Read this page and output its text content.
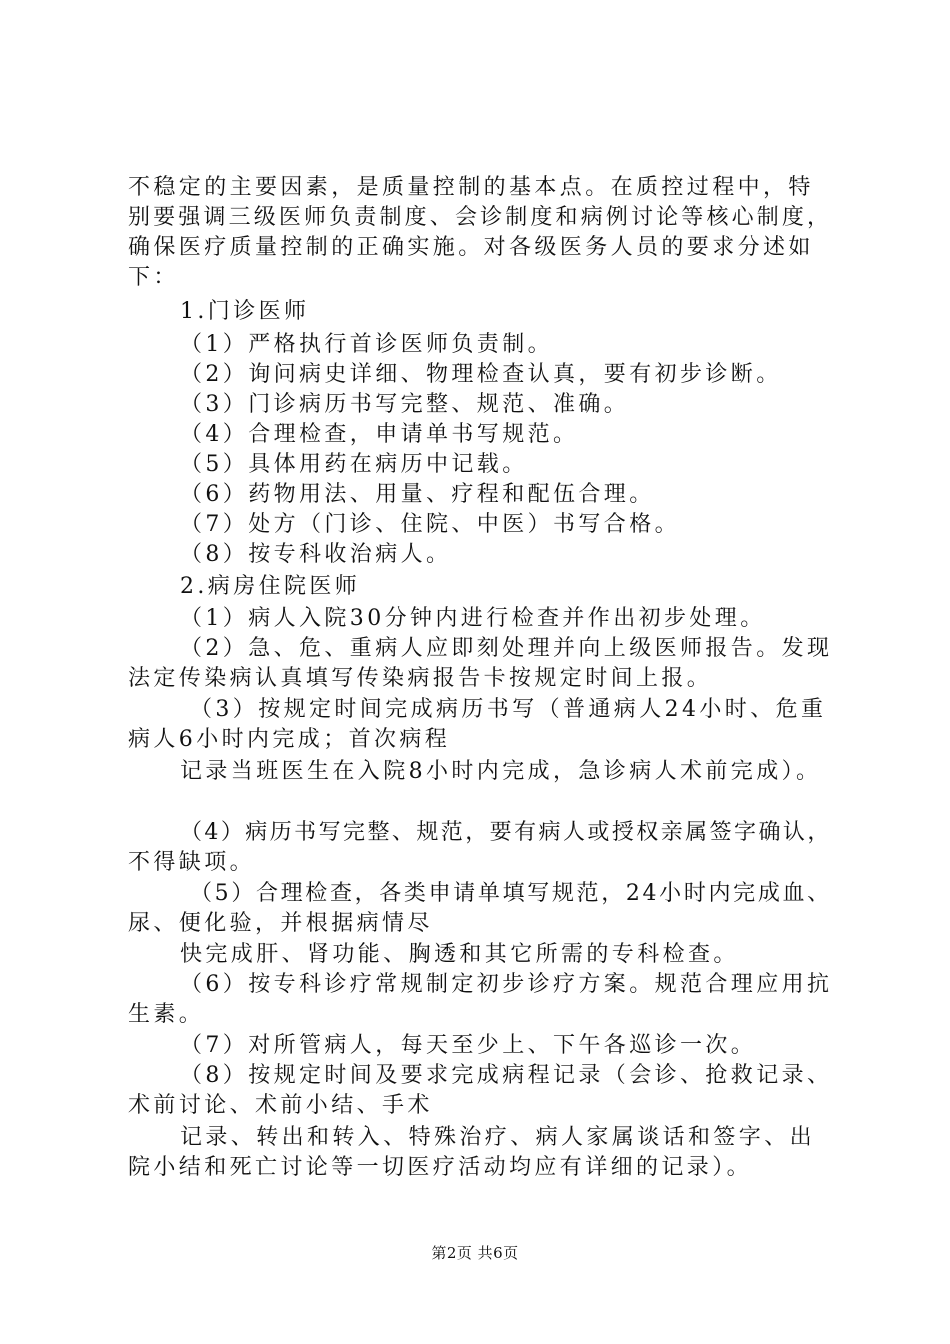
不稳定的主要因素，是质量控制的基本点。在质控过程中，特
别要强调三级医师负责制度、会诊制度和病例讨论等核心制度，
确保医疗质量控制的正确实施。对各级医务人员的要求分述如
下：
1.门诊医师
（1）严格执行首诊医师负责制。
（2）询问病史详细、物理检查认真，要有初步诊断。
（3）门诊病历书写完整、规范、准确。
（4）合理检查，申请单书写规范。
（5）具体用药在病历中记载。
（6）药物用法、用量、疗程和配伍合理。
（7）处方（门诊、住院、中医）书写合格。
（8）按专科收治病人。
2.病房住院医师
（1）病人入院30分钟内进行检查并作出初步处理。
（2）急、危、重病人应即刻处理并向上级医师报告。发现
法定传染病认真填写传染病报告卡按规定时间上报。
（3）按规定时间完成病历书写（普通病人24小时、危重
病人6小时内完成；首次病程
记录当班医生在入院8小时内完成，急诊病人术前完成）。
（4）病历书写完整、规范，要有病人或授权亲属签字确认，
不得缺项。
（5）合理检查，各类申请单填写规范，24小时内完成血、
尿、便化验，并根据病情尽
快完成肝、肾功能、胸透和其它所需的专科检查。
（6）按专科诊疗常规制定初步诊疗方案。规范合理应用抗
生素。
（7）对所管病人，每天至少上、下午各巡诊一次。
（8）按规定时间及要求完成病程记录（会诊、抢救记录、
术前讨论、术前小结、手术
记录、转出和转入、特殊治疗、病人家属谈话和签字、出
院小结和死亡讨论等一切医疗活动均应有详细的记录）。
第2页 共6页
